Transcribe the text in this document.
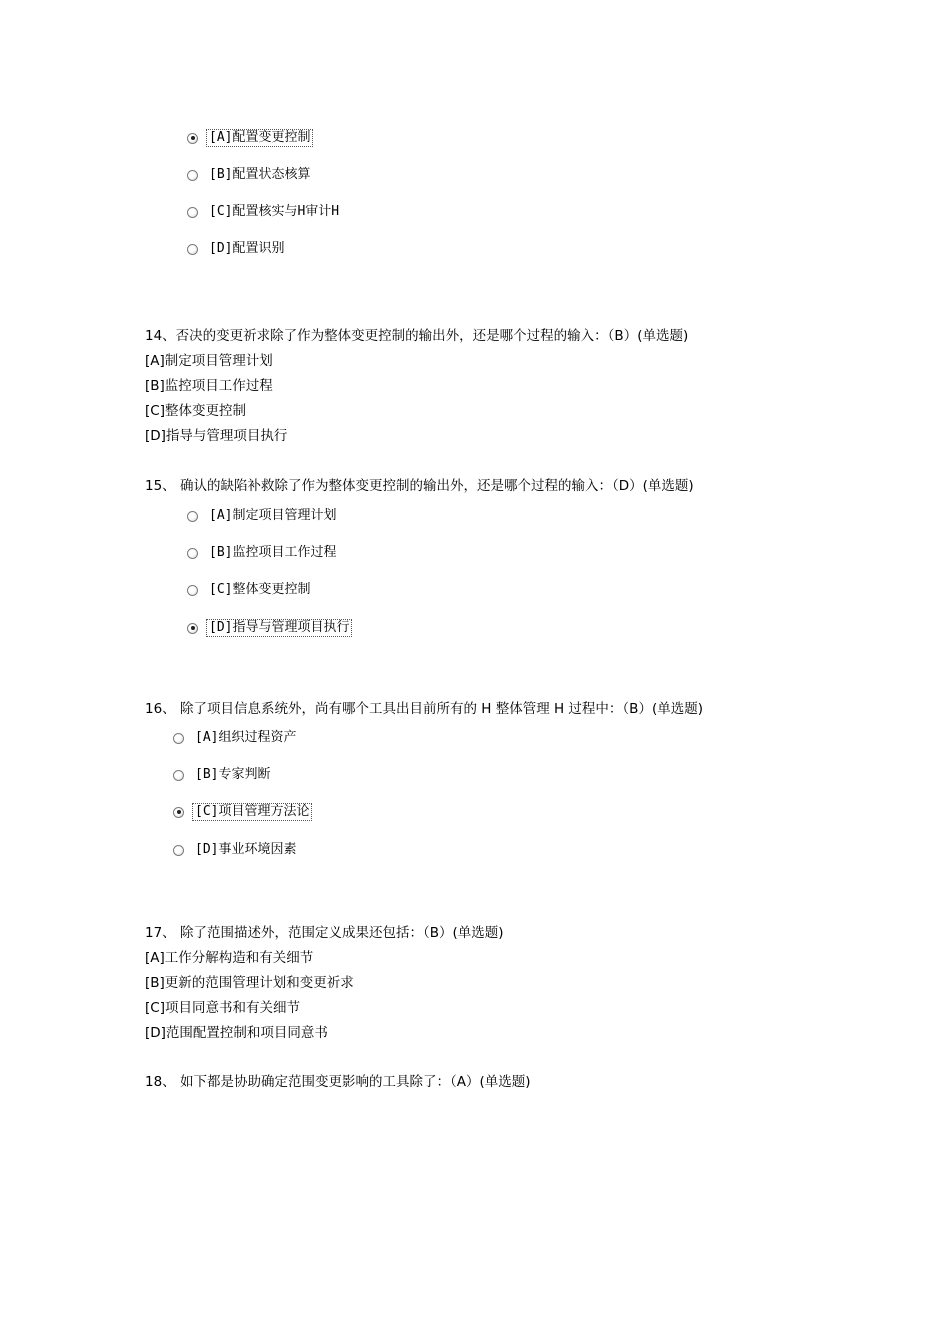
[A]配置变更控制
[B]配置状态核算
[C]配置核实与H审计H
[D]配置识别
14、否决的变更祈求除了作为整体变更控制的输出外，还是哪个过程的输入：（B）(单选题)
[A]制定项目管理计划
[B]监控项目工作过程
[C]整体变更控制
[D]指导与管理项目执行
15、 确认的缺陷补救除了作为整体变更控制的输出外，还是哪个过程的输入：（D）(单选题)
[A]制定项目管理计划
[B]监控项目工作过程
[C]整体变更控制
[D]指导与管理项目执行
16、 除了项目信息系统外，尚有哪个工具出目前所有的 H 整体管理 H 过程中：（B）(单选题)
[A]组织过程资产
[B]专家判断
[C]项目管理方法论
[D]事业环境因素
17、 除了范围描述外，范围定义成果还包括：（B）(单选题)
[A]工作分解构造和有关细节
[B]更新的范围管理计划和变更祈求
[C]项目同意书和有关细节
[D]范围配置控制和项目同意书
18、 如下都是协助确定范围变更影响的工具除了：（A）(单选题)
